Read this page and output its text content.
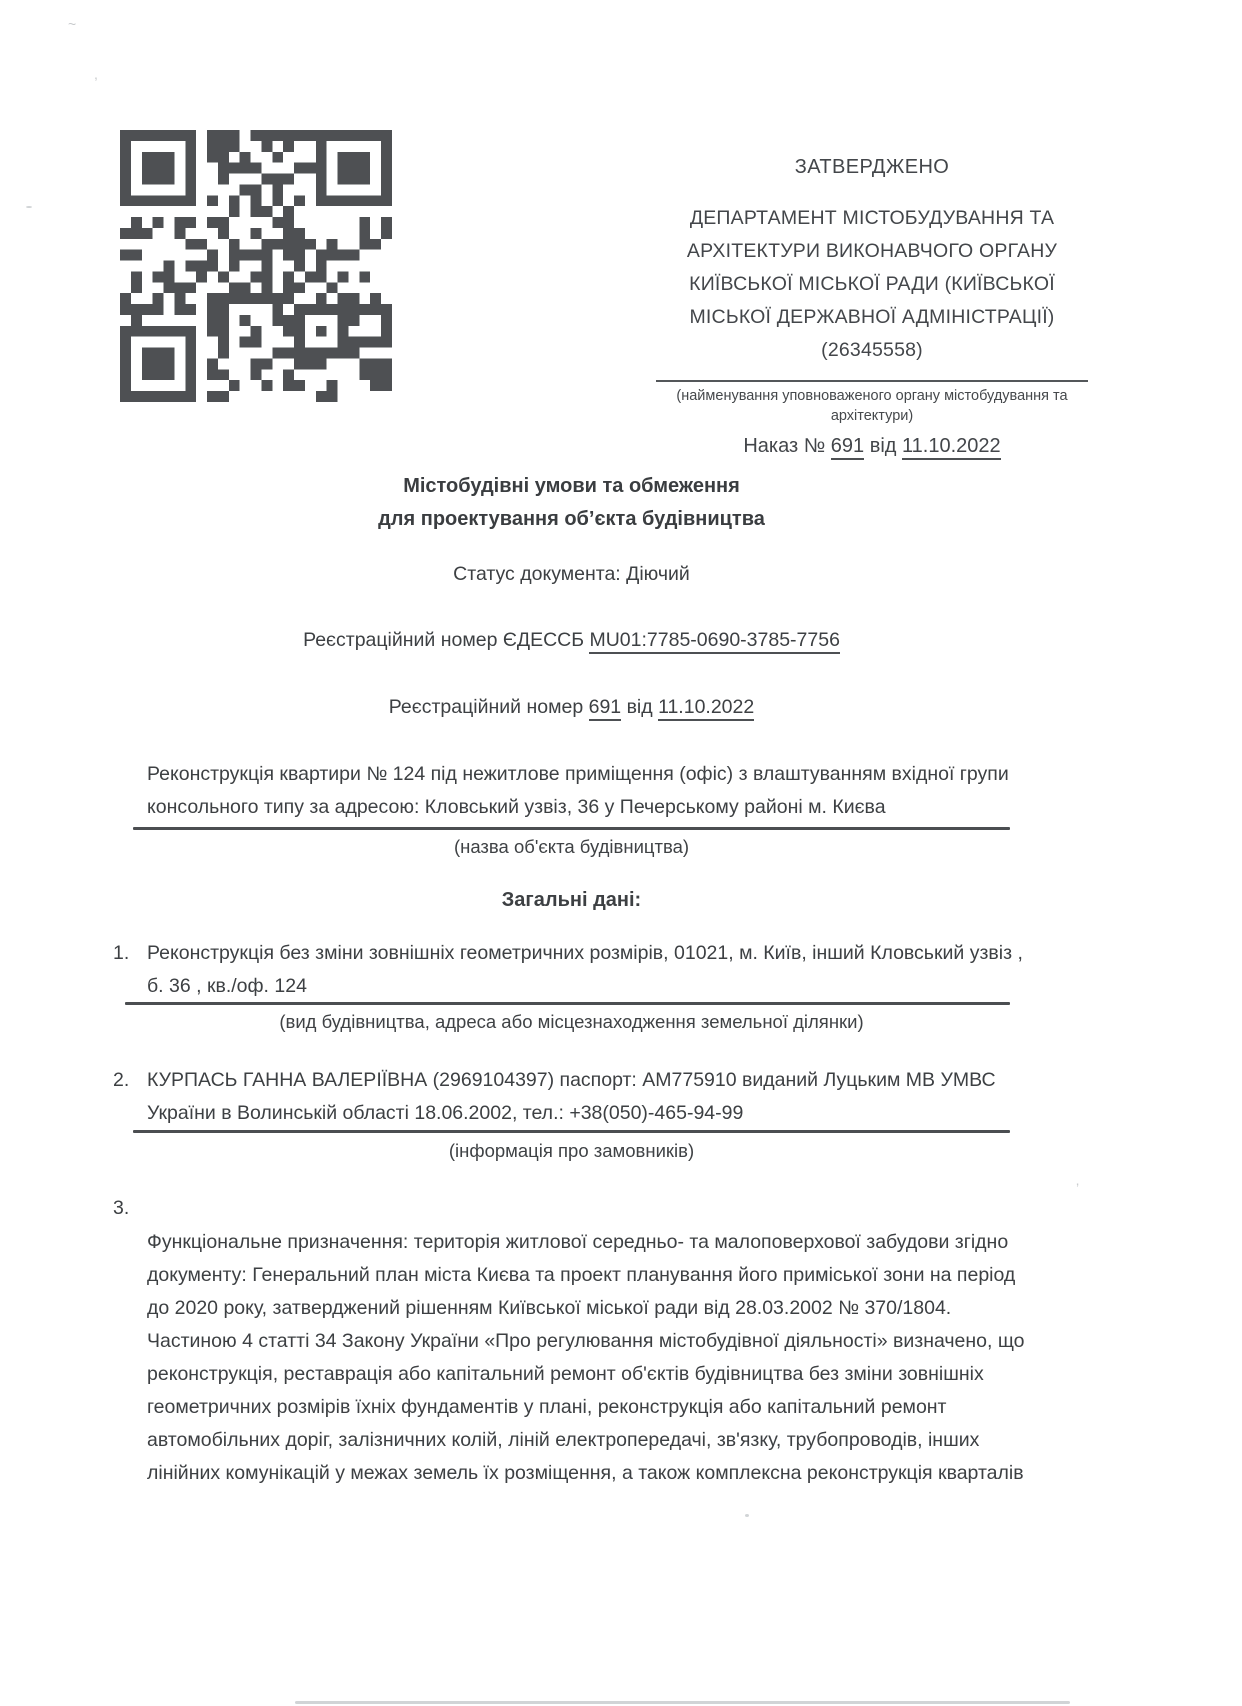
ЗАТВЕРДЖЕНО
ДЕПАРТАМЕНТ МІСТОБУДУВАННЯ ТА
АРХІТЕКТУРИ ВИКОНАВЧОГО ОРГАНУ
КИЇВСЬКОЇ МІСЬКОЇ РАДИ (КИЇВСЬКОЇ
МІСЬКОЇ ДЕРЖАВНОЇ АДМІНІСТРАЦІЇ)
(26345558)
(найменування уповноваженого органу містобудування та архітектури)
Наказ № 691 від 11.10.2022
Містобудівні умови та обмеження
для проектування об’єкта будівництва
Статус документа: Діючий
Реєстраційний номер ЄДЕССБ MU01:7785-0690-3785-7756
Реєстраційний номер 691 від 11.10.2022
Реконструкція квартири № 124 під нежитлове приміщення (офіс) з влаштуванням вхідної групи
консольного типу за адресою: Кловський узвіз, 36 у Печерському районі м. Києва
(назва об'єкта будівництва)
Загальні дані:
1. Реконструкція без зміни зовнішніх геометричних розмірів, 01021, м. Київ, інший Кловський узвіз ,
б. 36 , кв./оф. 124
(вид будівництва, адреса або місцезнаходження земельної ділянки)
2. КУРПАСЬ ГАННА ВАЛЕРІЇВНА (2969104397) паспорт: АМ775910 виданий Луцьким МВ УМВС
України в Волинській області 18.06.2002, тел.: +38(050)-465-94-99
(інформація про замовників)
3.
Функціональне призначення: територія житлової середньо- та малоповерхової забудови згідно
документу: Генеральний план міста Києва та проект планування його приміської зони на період
до 2020 року, затверджений рішенням Київської міської ради від 28.03.2002 № 370/1804.
Частиною 4 статті 34 Закону України «Про регулювання містобудівної діяльності» визначено, що
реконструкція, реставрація або капітальний ремонт об'єктів будівництва без зміни зовнішніх
геометричних розмірів їхніх фундаментів у плані, реконструкція або капітальний ремонт
автомобільних доріг, залізничних колій, ліній електропередачі, зв'язку, трубопроводів, інших
лінійних комунікацій у межах земель їх розміщення, а також комплексна реконструкція кварталів
~
,
’
